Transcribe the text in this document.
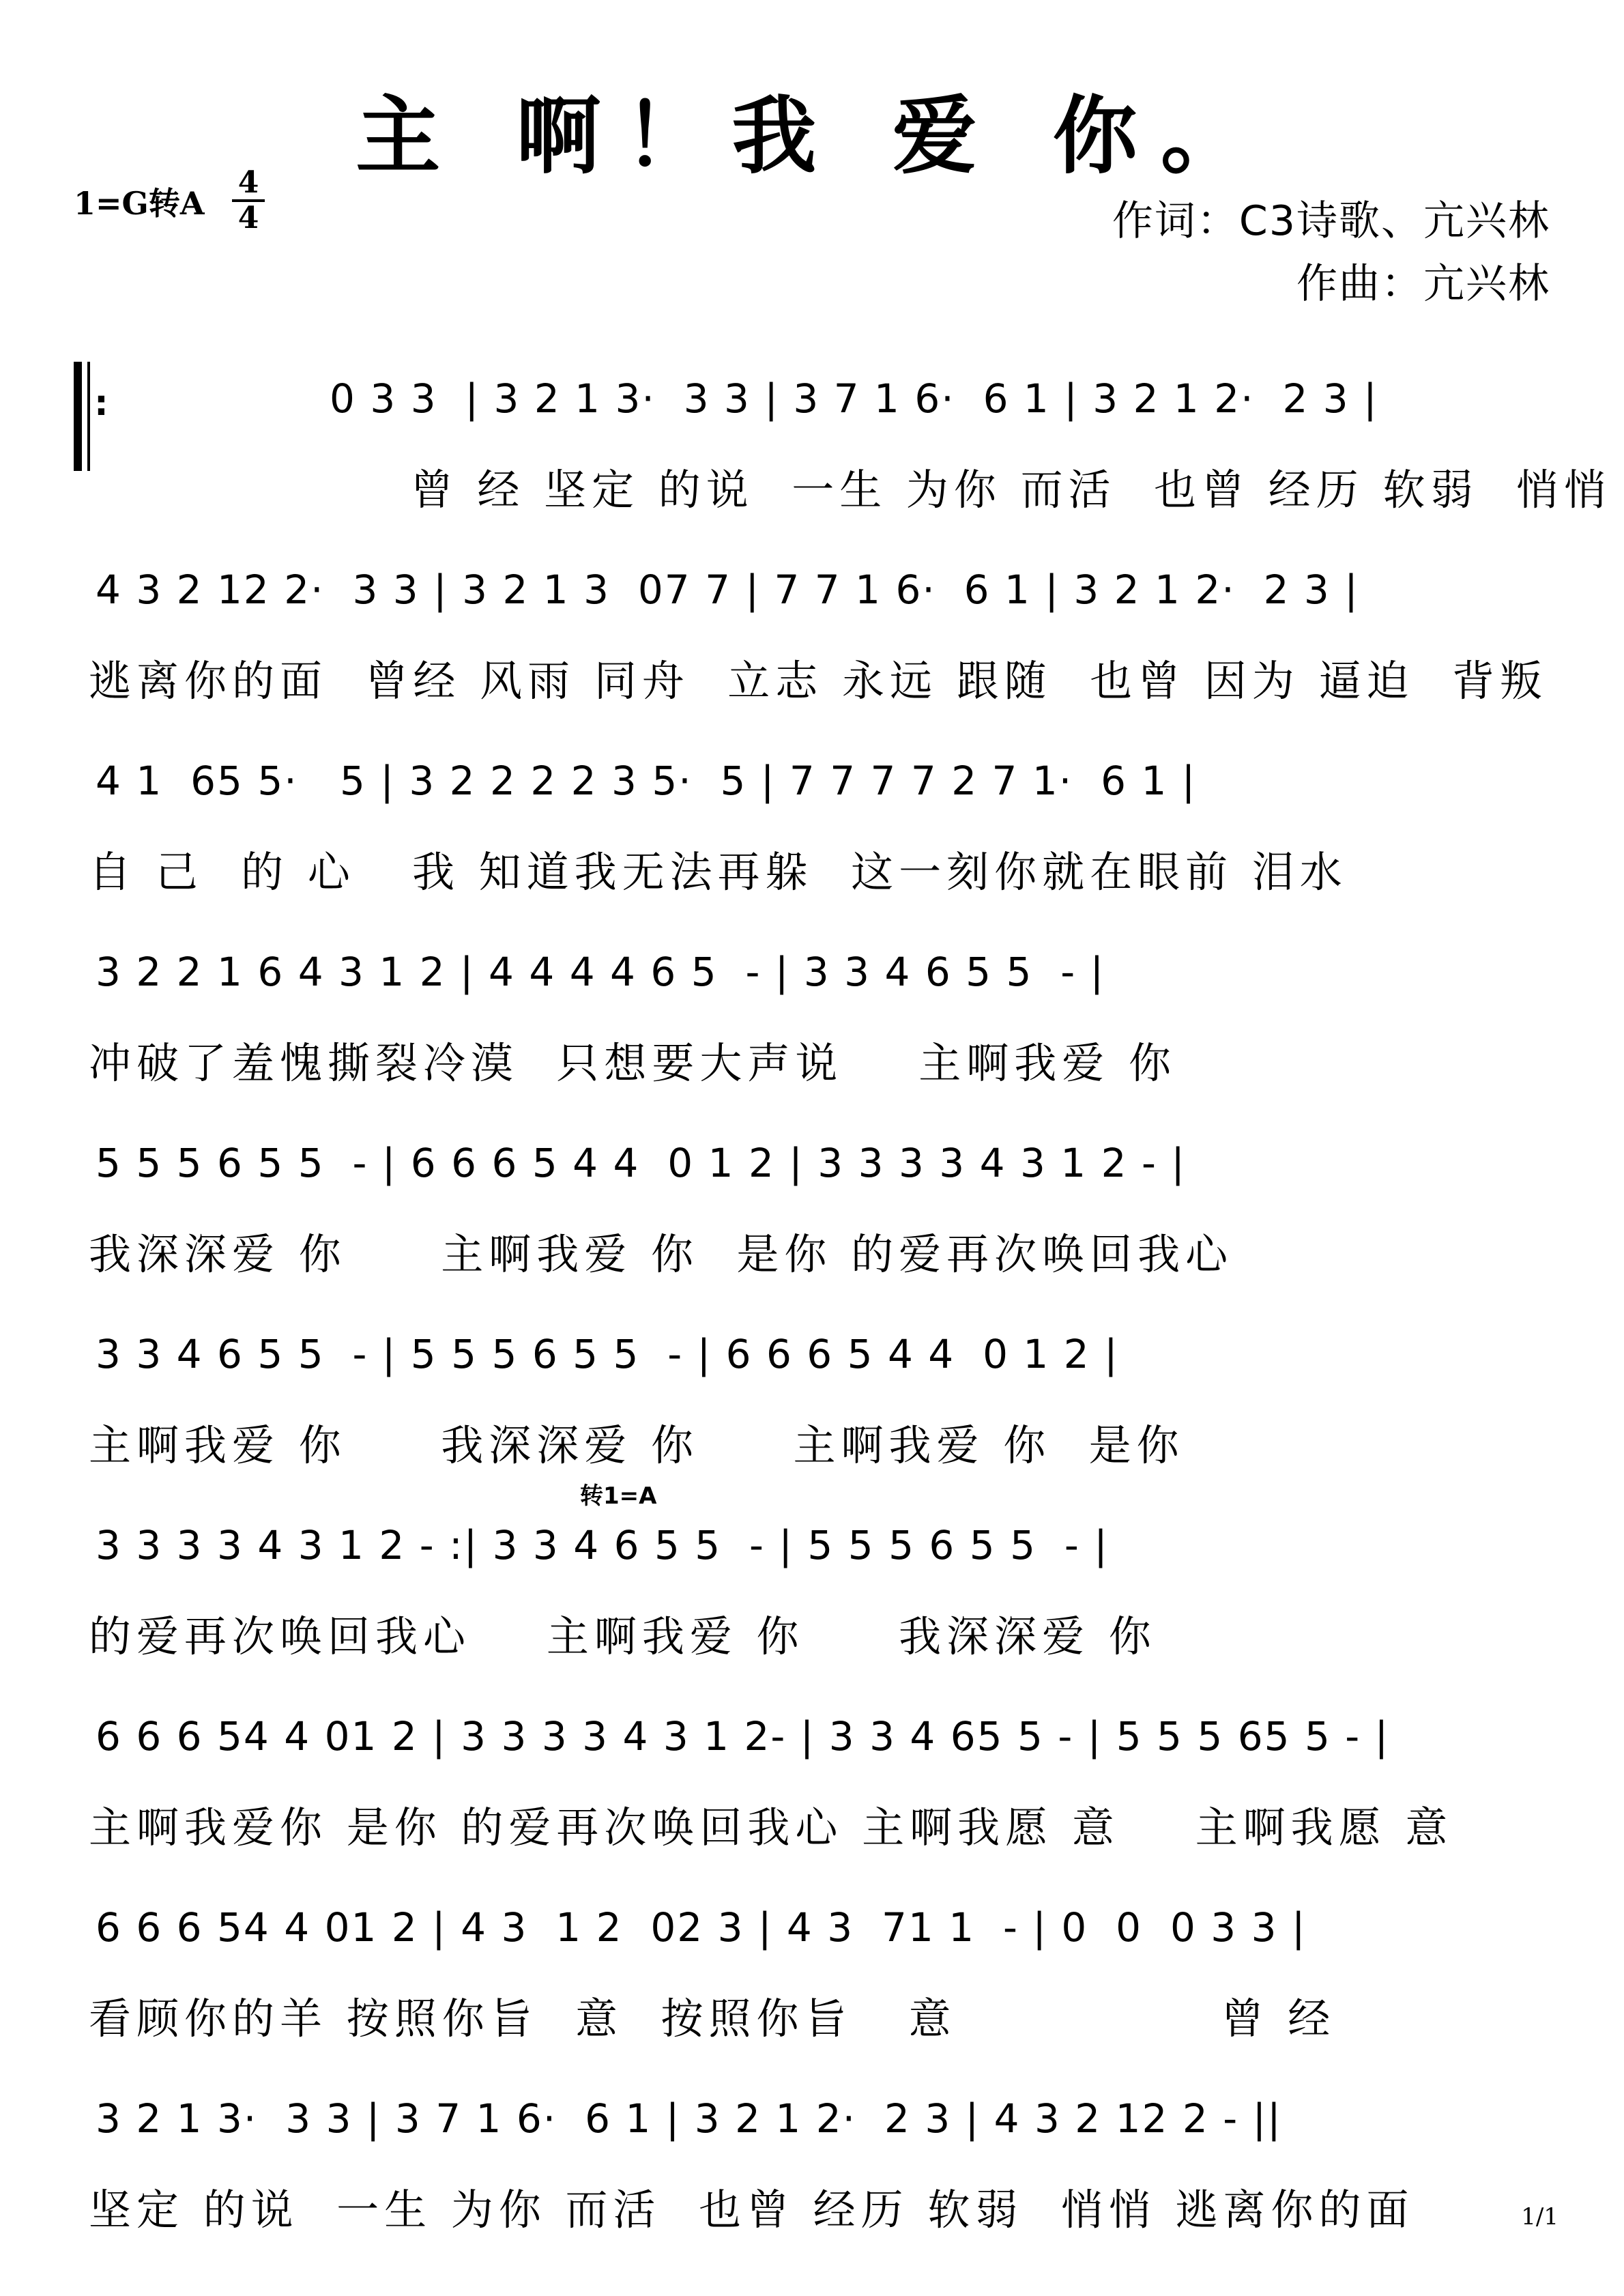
主 啊！我 爱 你。
1=G转A
4
4	作词：C3诗歌、亢兴林
作曲：亢兴林
0 3 3  | 3 2 1 3·  3 3 | 3 7 1 6·  6 1 | 3 2 1 2·  2 3 |
曾 经 坚定 的说  一生 为你 而活  也曾 经历 软弱  悄悄
:
4 3 2 12 2·  3 3 | 3 2 1 3  07 7 | 7 7 1 6·  6 1 | 3 2 1 2·  2 3 |
逃离你的面  曾经 风雨 同舟  立志 永远 跟随  也曾 因为 逼迫  背叛
4 1  65 5·   5 | 3 2 2 2 2 3 5·  5 | 7 7 7 7 2 7 1·  6 1 |
自 己  的 心   我 知道我无法再躲  这一刻你就在眼前 泪水
3 2 2 1 6 4 3 1 2 | 4 4 4 4 6 5  - | 3 3 4 6 5 5  - |
冲破了羞愧撕裂冷漠  只想要大声说    主啊我爱 你
5 5 5 6 5 5  - | 6 6 6 5 4 4  0 1 2 | 3 3 3 3 4 3 1 2 - |
我深深爱 你     主啊我爱 你  是你 的爱再次唤回我心
3 3 4 6 5 5  - | 5 5 5 6 5 5  - | 6 6 6 5 4 4  0 1 2 |
主啊我爱 你     我深深爱 你     主啊我爱 你  是你
3 3 3 3 4 3 1 2 - :| 3 3 4 6 5 5  - | 5 5 5 6 5 5  - |
的爱再次唤回我心    主啊我爱 你     我深深爱 你
6 6 6 54 4 01 2 | 3 3 3 3 4 3 1 2- | 3 3 4 65 5 - | 5 5 5 65 5 - |
主啊我爱你 是你 的爱再次唤回我心 主啊我愿 意    主啊我愿 意
6 6 6 54 4 01 2 | 4 3  1 2  02 3 | 4 3  71 1  - | 0  0  0 3 3 |
看顾你的羊 按照你旨  意  按照你旨   意              曾 经
3 2 1 3·  3 3 | 3 7 1 6·  6 1 | 3 2 1 2·  2 3 | 4 3 2 12 2 - ||
坚定 的说  一生 为你 而活  也曾 经历 软弱  悄悄 逃离你的面
转1=A
1/1
